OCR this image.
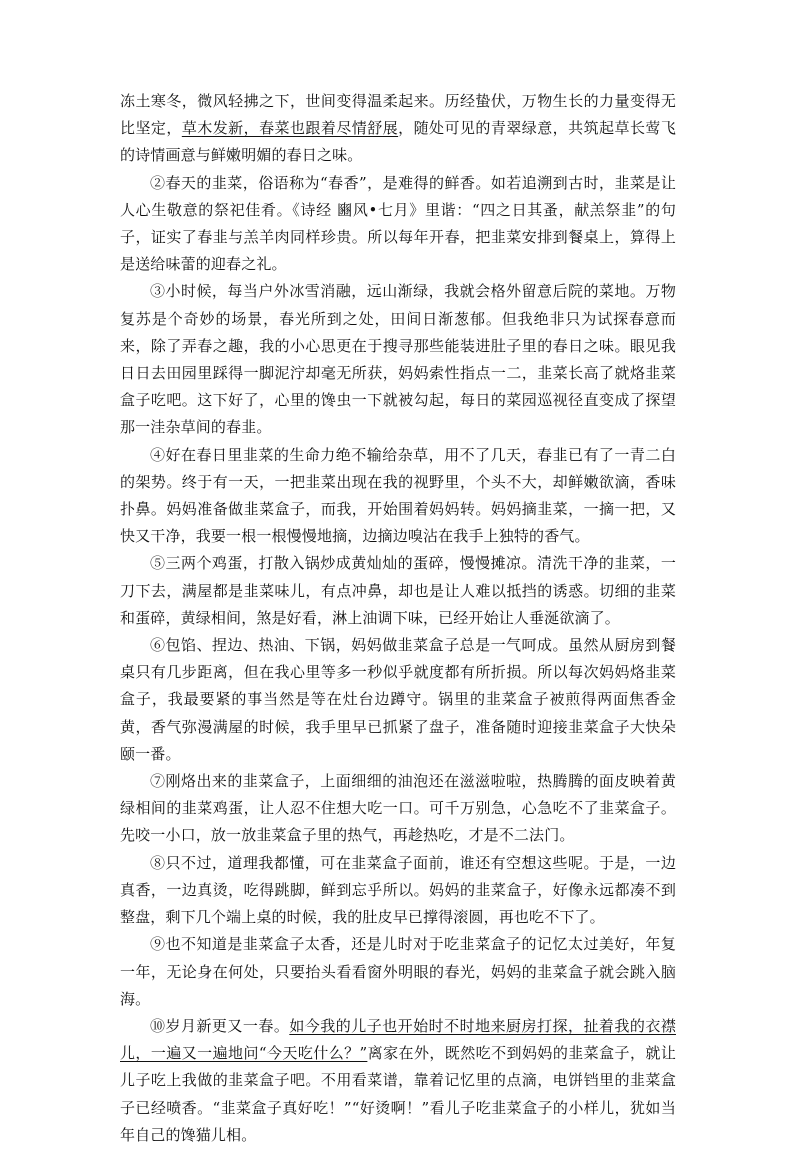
冻土寒冬，微风轻拂之下，世间变得温柔起来。历经蛰伏，万物生长的力量变得无比坚定，草木发新，春菜也跟着尽情舒展，随处可见的青翠绿意，共筑起草长莺飞的诗情画意与鲜嫩明媚的春日之味。

②春天的韭菜，俗语称为“春香”，是难得的鲜香。如若追溯到古时，韭菜是让人心生敬意的祭祀佳肴。《诗经 豳风•七月》里谐：“四之日其蚤，献羔祭韭”的句子，证实了春韭与羔羊肉同样珍贵。所以每年开春，把韭菜安排到餐桌上，算得上是送给味蕾的迎春之礼。

③小时候，每当户外冰雪消融，远山渐绿，我就会格外留意后院的菜地。万物复苏是个奇妙的场景，春光所到之处，田间日渐葱郁。但我绝非只为试探春意而来，除了弄春之趣，我的小心思更在于搜寻那些能装进肚子里的春日之味。眼见我日日去田园里踩得一脚泥泞却毫无所获，妈妈索性指点一二，韭菜长高了就烙韭菜盒子吃吧。这下好了，心里的馋虫一下就被勾起，每日的菜园巡视径直变成了探望那一洼杂草间的春韭。

④好在春日里韭菜的生命力绝不输给杂草，用不了几天，春韭已有了一青二白的架势。终于有一天，一把韭菜出现在我的视野里，个头不大，却鲜嫩欲滴，香味扑鼻。妈妈准备做韭菜盒子，而我，开始围着妈妈转。妈妈摘韭菜，一摘一把，又快又干净，我要一根一根慢慢地摘，边摘边嗅沾在我手上独特的香气。

⑤三两个鸡蛋，打散入锅炒成黄灿灿的蛋碎，慢慢摊凉。清洗干净的韭菜，一刀下去，满屋都是韭菜味儿，有点冲鼻，却也是让人难以抵挡的诱惑。切细的韭菜和蛋碎，黄绿相间，煞是好看，淋上油调下味，已经开始让人垂涎欲滴了。

⑥包馅、捏边、热油、下锅，妈妈做韭菜盒子总是一气呵成。虽然从厨房到餐桌只有几步距离，但在我心里等多一秒似乎就度都有所折损。所以每次妈妈烙韭菜盒子，我最要紧的事当然是等在灶台边蹲守。锅里的韭菜盒子被煎得两面焦香金黄，香气弥漫满屋的时候，我手里早已抓紧了盘子，准备随时迎接韭菜盒子大快朵颐一番。

⑦刚烙出来的韭菜盒子，上面细细的油泡还在滋滋啦啦，热腾腾的面皮映着黄绿相间的韭菜鸡蛋，让人忍不住想大吃一口。可千万别急，心急吃不了韭菜盒子。先咬一小口，放一放韭菜盒子里的热气，再趁热吃，才是不二法门。

⑧只不过，道理我都懂，可在韭菜盒子面前，谁还有空想这些呢。于是，一边真香，一边真烫，吃得跳脚，鲜到忘乎所以。妈妈的韭菜盒子，好像永远都凑不到整盘，剩下几个端上桌的时候，我的肚皮早已撑得滚圆，再也吃不下了。

⑨也不知道是韭菜盒子太香，还是儿时对于吃韭菜盒子的记忆太过美好，年复一年，无论身在何处，只要抬头看看窗外明眼的春光，妈妈的韭菜盒子就会跳入脑海。

⑩岁月新更又一春。如今我的儿子也开始时不时地来厨房打探，扯着我的衣襟儿，一遍又一遍地问“今天吃什么？”离家在外，既然吃不到妈妈的韭菜盒子，就让儿子吃上我做的韭菜盒子吧。不用看菜谱，靠着记忆里的点滴，电饼铛里的韭菜盒子已经喷香。“韭菜盒子真好吃！”“好烫啊！”看儿子吃韭菜盒子的小样儿，犹如当年自己的馋猫儿相。
